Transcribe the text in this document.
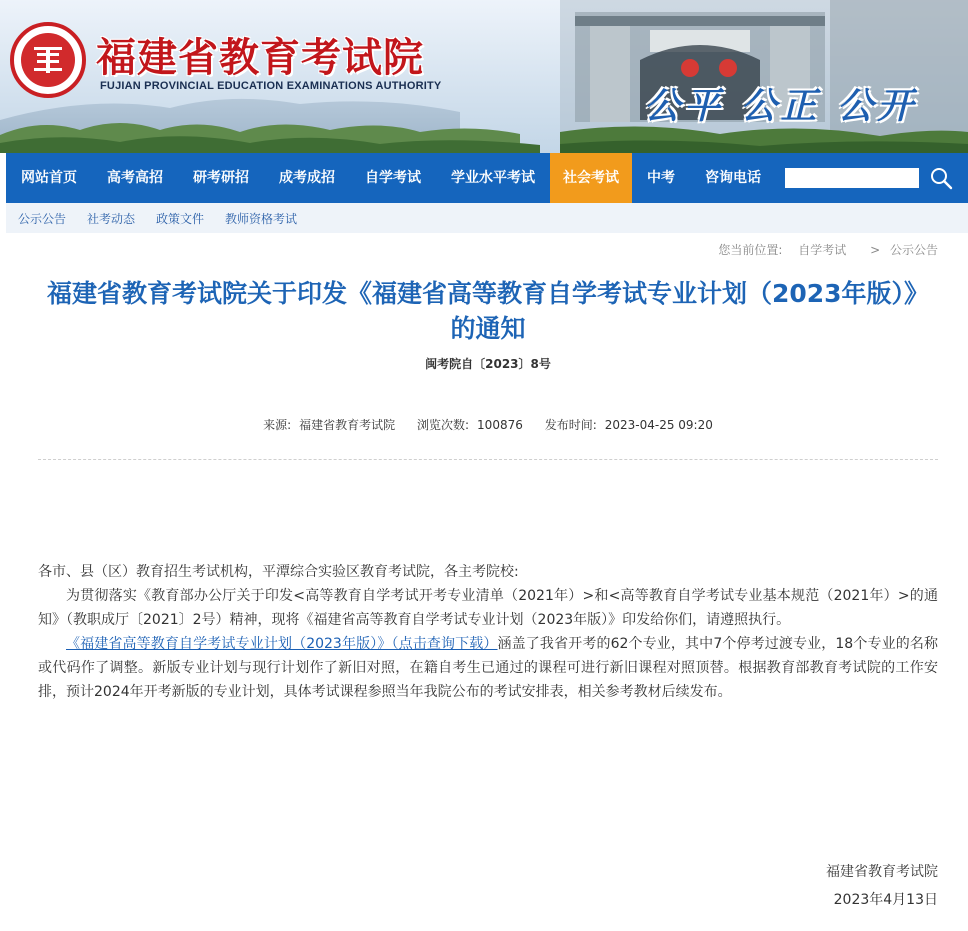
福建省教育考试院
FUJIAN PROVINCIAL EDUCATION EXAMINATIONS AUTHORITY	公平 公正 公开
网站首页	高考高招	研考研招	成考成招	自学考试	学业水平考试	社会考试	中考	咨询电话
公示公告 社考动态 政策文件 教师资格考试
您当前位置: 自学考试 > 公示公告
福建省教育考试院关于印发《福建省高等教育自学考试专业计划（2023年版）》的通知
闽考院自〔2023〕8号
来源: 福建省教育考试院 浏览次数: 100876 发布时间: 2023-04-25 09:20

各市、县（区）教育招生考试机构，平潭综合实验区教育考试院，各主考院校:

为贯彻落实《教育部办公厅关于印发<高等教育自学考试开考专业清单（2021年）>和<高等教育自学考试专业基本规范（2021年）>的通知》（教职成厅〔2021〕2号）精神，现将《福建省高等教育自学考试专业计划（2023年版）》印发给你们，请遵照执行。

《福建省高等教育自学考试专业计划（2023年版）》（点击查询下载）涵盖了我省开考的62个专业，其中7个停考过渡专业，18个专业的名称或代码作了调整。新版专业计划与现行计划作了新旧对照，在籍自考生已通过的课程可进行新旧课程对照顶替。根据教育部教育考试院的工作安排，预计2024年开考新版的专业计划，具体考试课程参照当年我院公布的考试安排表，相关参考教材后续发布。

福建省教育考试院
2023年4月13日
